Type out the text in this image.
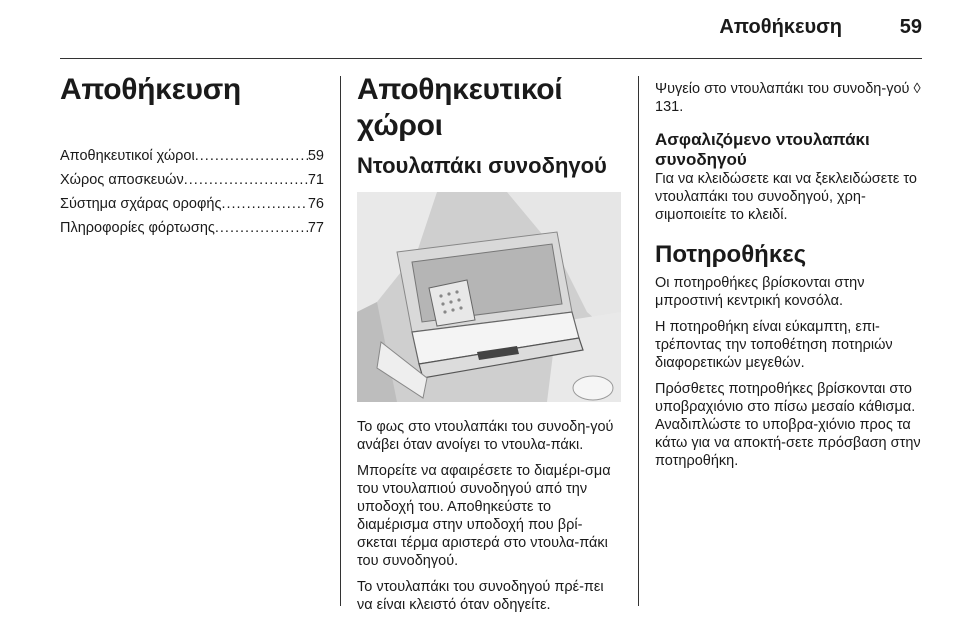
Αποθήκευση	59
Αποθήκευση
Αποθηκευτικοί χώροι .....	59
Χώρος αποσκευών .....	71
Σύστημα σχάρας οροφής .....	76
Πληροφορίες φόρτωσης .....	77
Αποθηκευτικοί χώροι
Ντουλαπάκι συνοδηγού

Το φως στο ντουλαπάκι του συνοδη-γού ανάβει όταν ανοίγει το ντουλα-πάκι.

Μπορείτε να αφαιρέσετε το διαμέρι-σμα του ντουλαπιού συνοδηγού από την υποδοχή του. Αποθηκεύστε το διαμέρισμα στην υποδοχή που βρί-σκεται τέρμα αριστερά στο ντουλα-πάκι του συνοδηγού.

Το ντουλαπάκι του συνοδηγού πρέ-πει να είναι κλειστό όταν οδηγείτε.

Ψυγείο στο ντουλαπάκι του συνοδη-γού ◊ 131.

Ασφαλιζόμενο ντουλαπάκι συνοδηγού

Για να κλειδώσετε και να ξεκλειδώσετε το ντουλαπάκι του συνοδηγού, χρη-σιμοποιείτε το κλειδί.

Ποτηροθήκες

Οι ποτηροθήκες βρίσκονται στην μπροστινή κεντρική κονσόλα.

Η ποτηροθήκη είναι εύκαμπτη, επι-τρέποντας την τοποθέτηση ποτηριών διαφορετικών μεγεθών.

Πρόσθετες ποτηροθήκες βρίσκονται στο υποβραχιόνιο στο πίσω μεσαίο κάθισμα. Αναδιπλώστε το υποβρα-χιόνιο προς τα κάτω για να αποκτή-σετε πρόσβαση στην ποτηροθήκη.
